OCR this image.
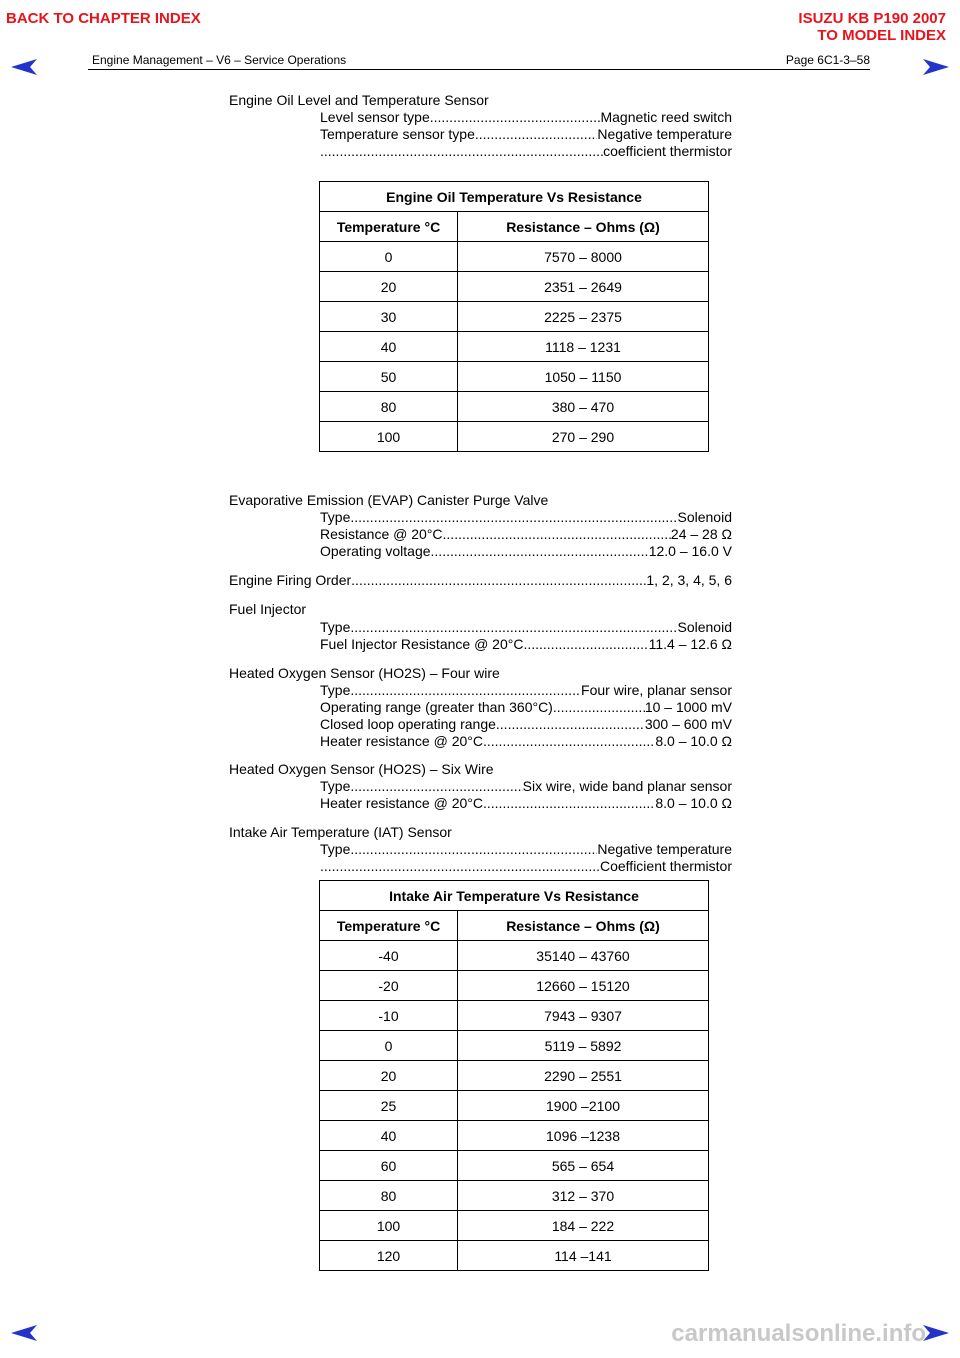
BACK TO CHAPTER INDEX	ISUZU KB P190 2007
TO MODEL INDEX
Engine Management – V6 – Service Operations	Page 6C1-3–58
Engine Oil Level and Temperature Sensor
Level sensor type .....	Magnetic reed switch
Temperature sensor type .....	Negative temperature
.....
coefficient thermistor
Engine Oil Temperature Vs Resistance	
Temperature °C	Resistance – Ohms (Ω)
0	7570 – 8000
20	2351 – 2649
30	2225 – 2375
40	1118 – 1231
50	1050 – 1150
80	380 – 470
100	270 – 290
Evaporative Emission (EVAP) Canister Purge Valve
Type .....	Solenoid
Resistance @ 20°C .....	24 – 28 Ω
Operating voltage .....	12.0 – 16.0 V
Engine Firing Order .....	1, 2, 3, 4, 5, 6
Fuel Injector
Type .....	Solenoid
Fuel Injector Resistance @ 20°C .....	11.4 – 12.6 Ω
Heated Oxygen Sensor (HO2S) – Four wire
Type .....	Four wire, planar sensor
Operating range (greater than 360°C) .....	10 – 1000 mV
Closed loop operating range .....	300 – 600 mV
Heater resistance @ 20°C .....	8.0 – 10.0 Ω
Heated Oxygen Sensor (HO2S) – Six Wire
Type .....	Six wire, wide band planar sensor
Heater resistance @ 20°C .....	8.0 – 10.0 Ω
Intake Air Temperature (IAT) Sensor
Type .....	Negative temperature
.....
Coefficient thermistor
Intake Air Temperature Vs Resistance	
Temperature °C	Resistance – Ohms (Ω)
-40	35140 – 43760
-20	12660 – 15120
-10	7943 – 9307
0	5119 – 5892
20	2290 – 2551
25	1900 –2100
40	1096 –1238
60	565 – 654
80	312 – 370
100	184 – 222
120	114 –141
carmanualsonline.info
